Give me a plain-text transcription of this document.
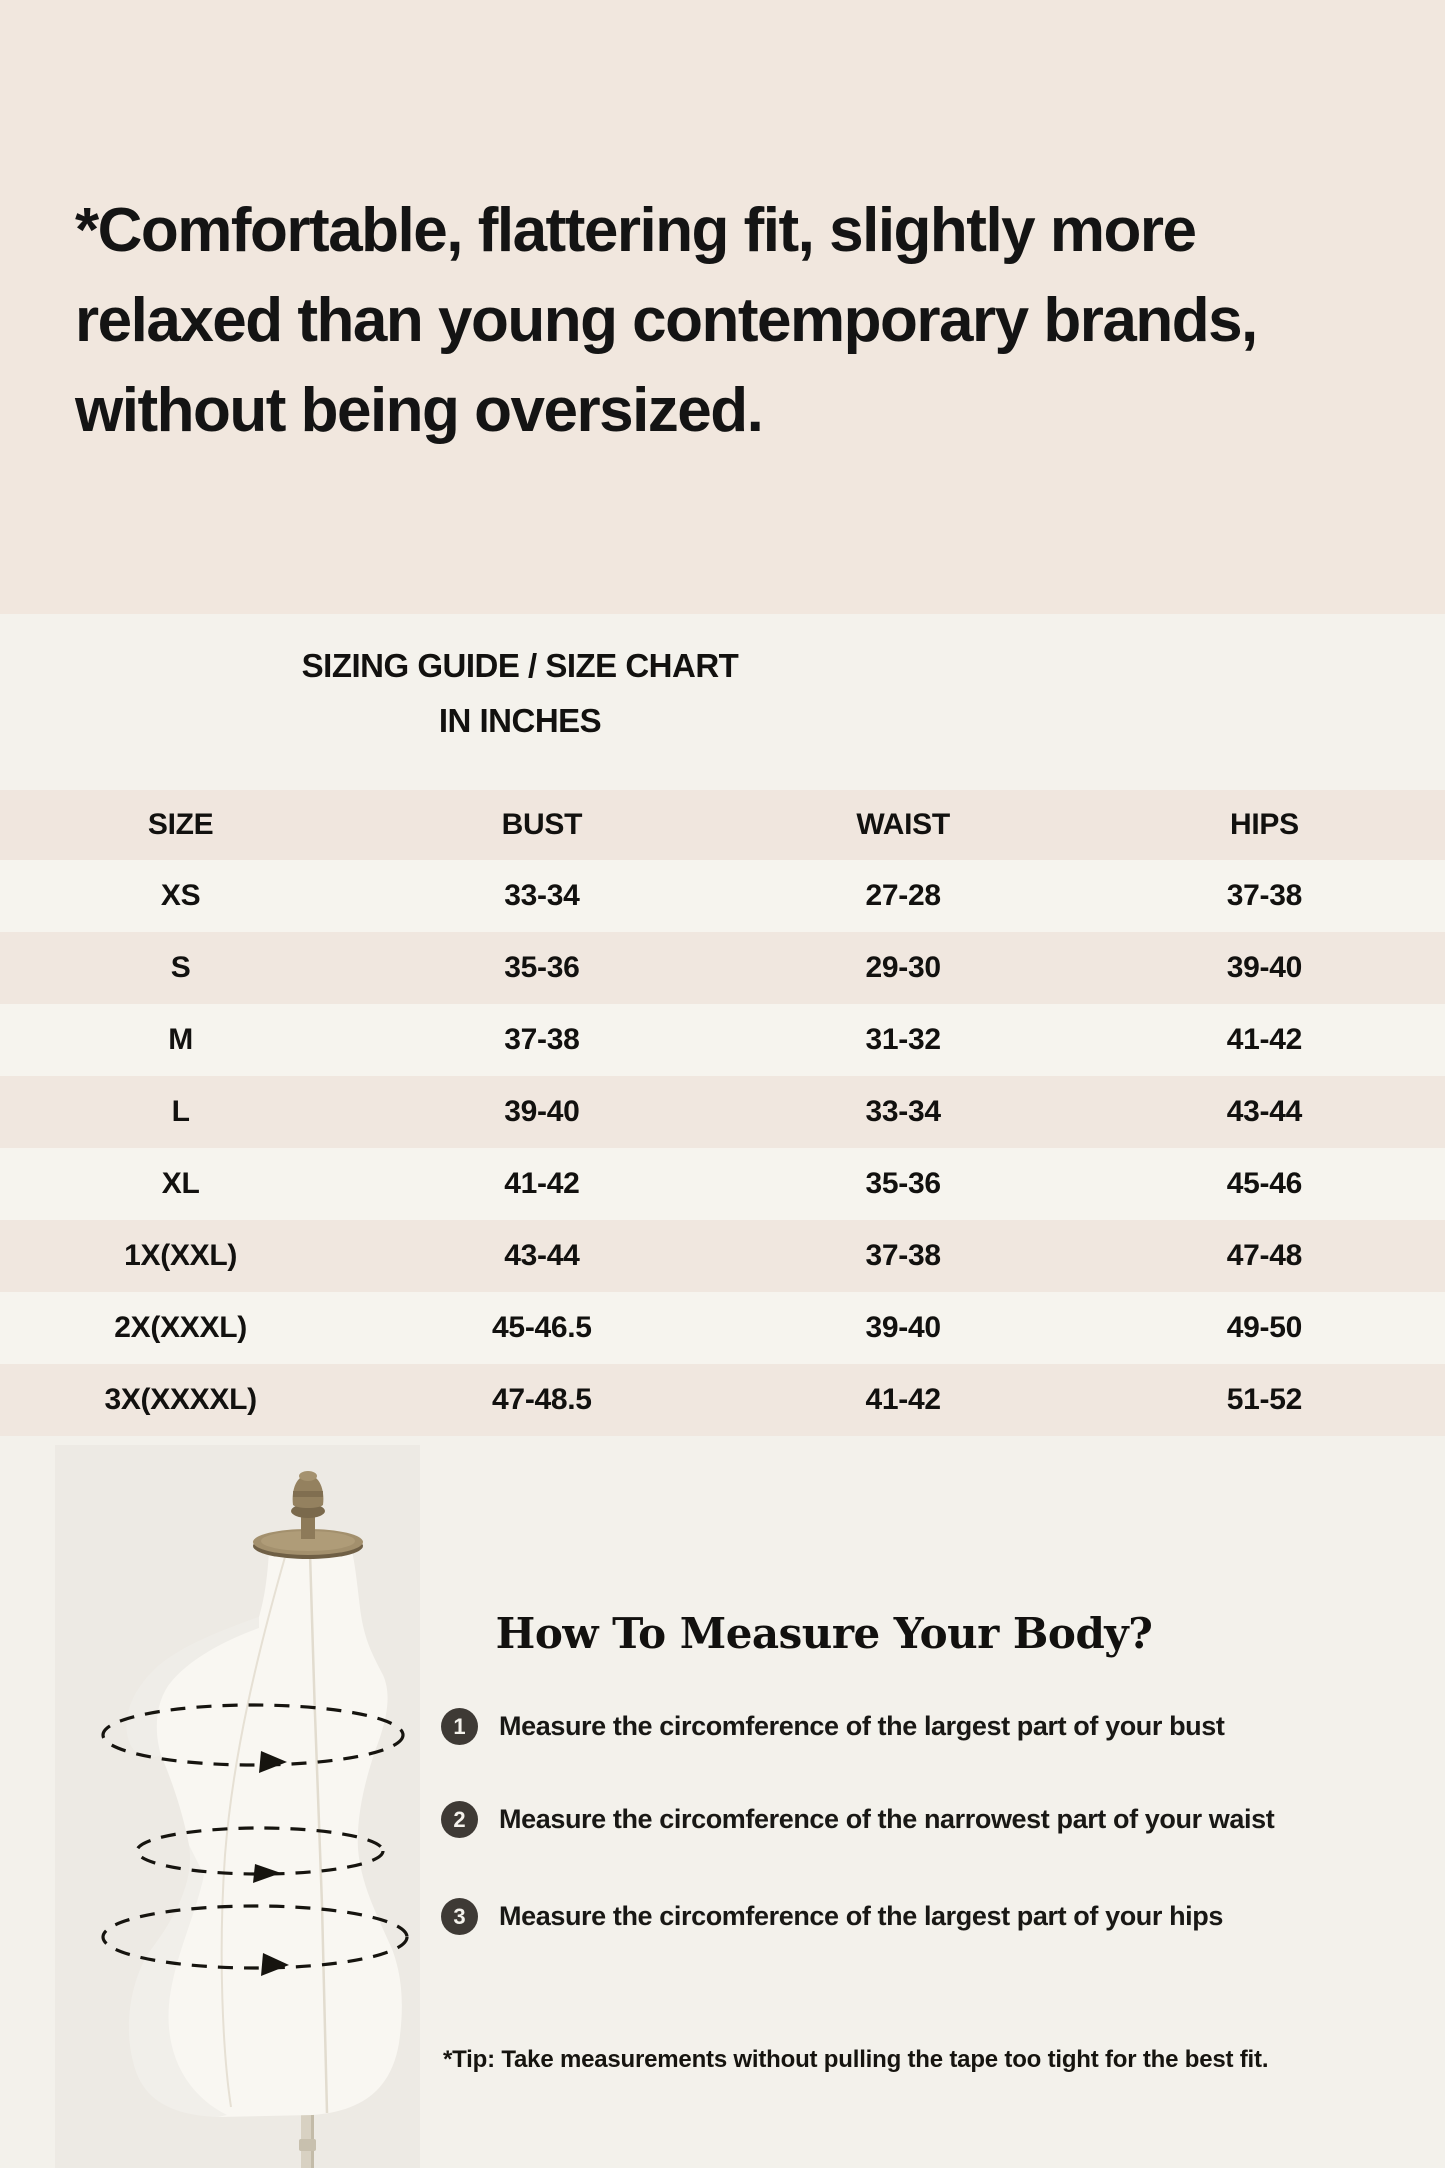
*Comfortable, flattering fit, slightly more
relaxed than young contemporary brands,
without being oversized.
SIZING GUIDE / SIZE CHART
IN INCHES
SIZE	BUST	WAIST	HIPS
XS	33-34	27-28	37-38
S	35-36	29-30	39-40
M	37-38	31-32	41-42
L	39-40	33-34	43-44
XL	41-42	35-36	45-46
1X(XXL)	43-44	37-38	47-48
2X(XXXL)	45-46.5	39-40	49-50
3X(XXXXL)	47-48.5	41-42	51-52
How To Measure Your Body?
1	Measure the circomference of the largest part of your bust
2	Measure the circomference of the narrowest part of your waist
3	Measure the circomference of the largest part of your hips
*Tip: Take measurements without pulling the tape too tight for the best fit.
